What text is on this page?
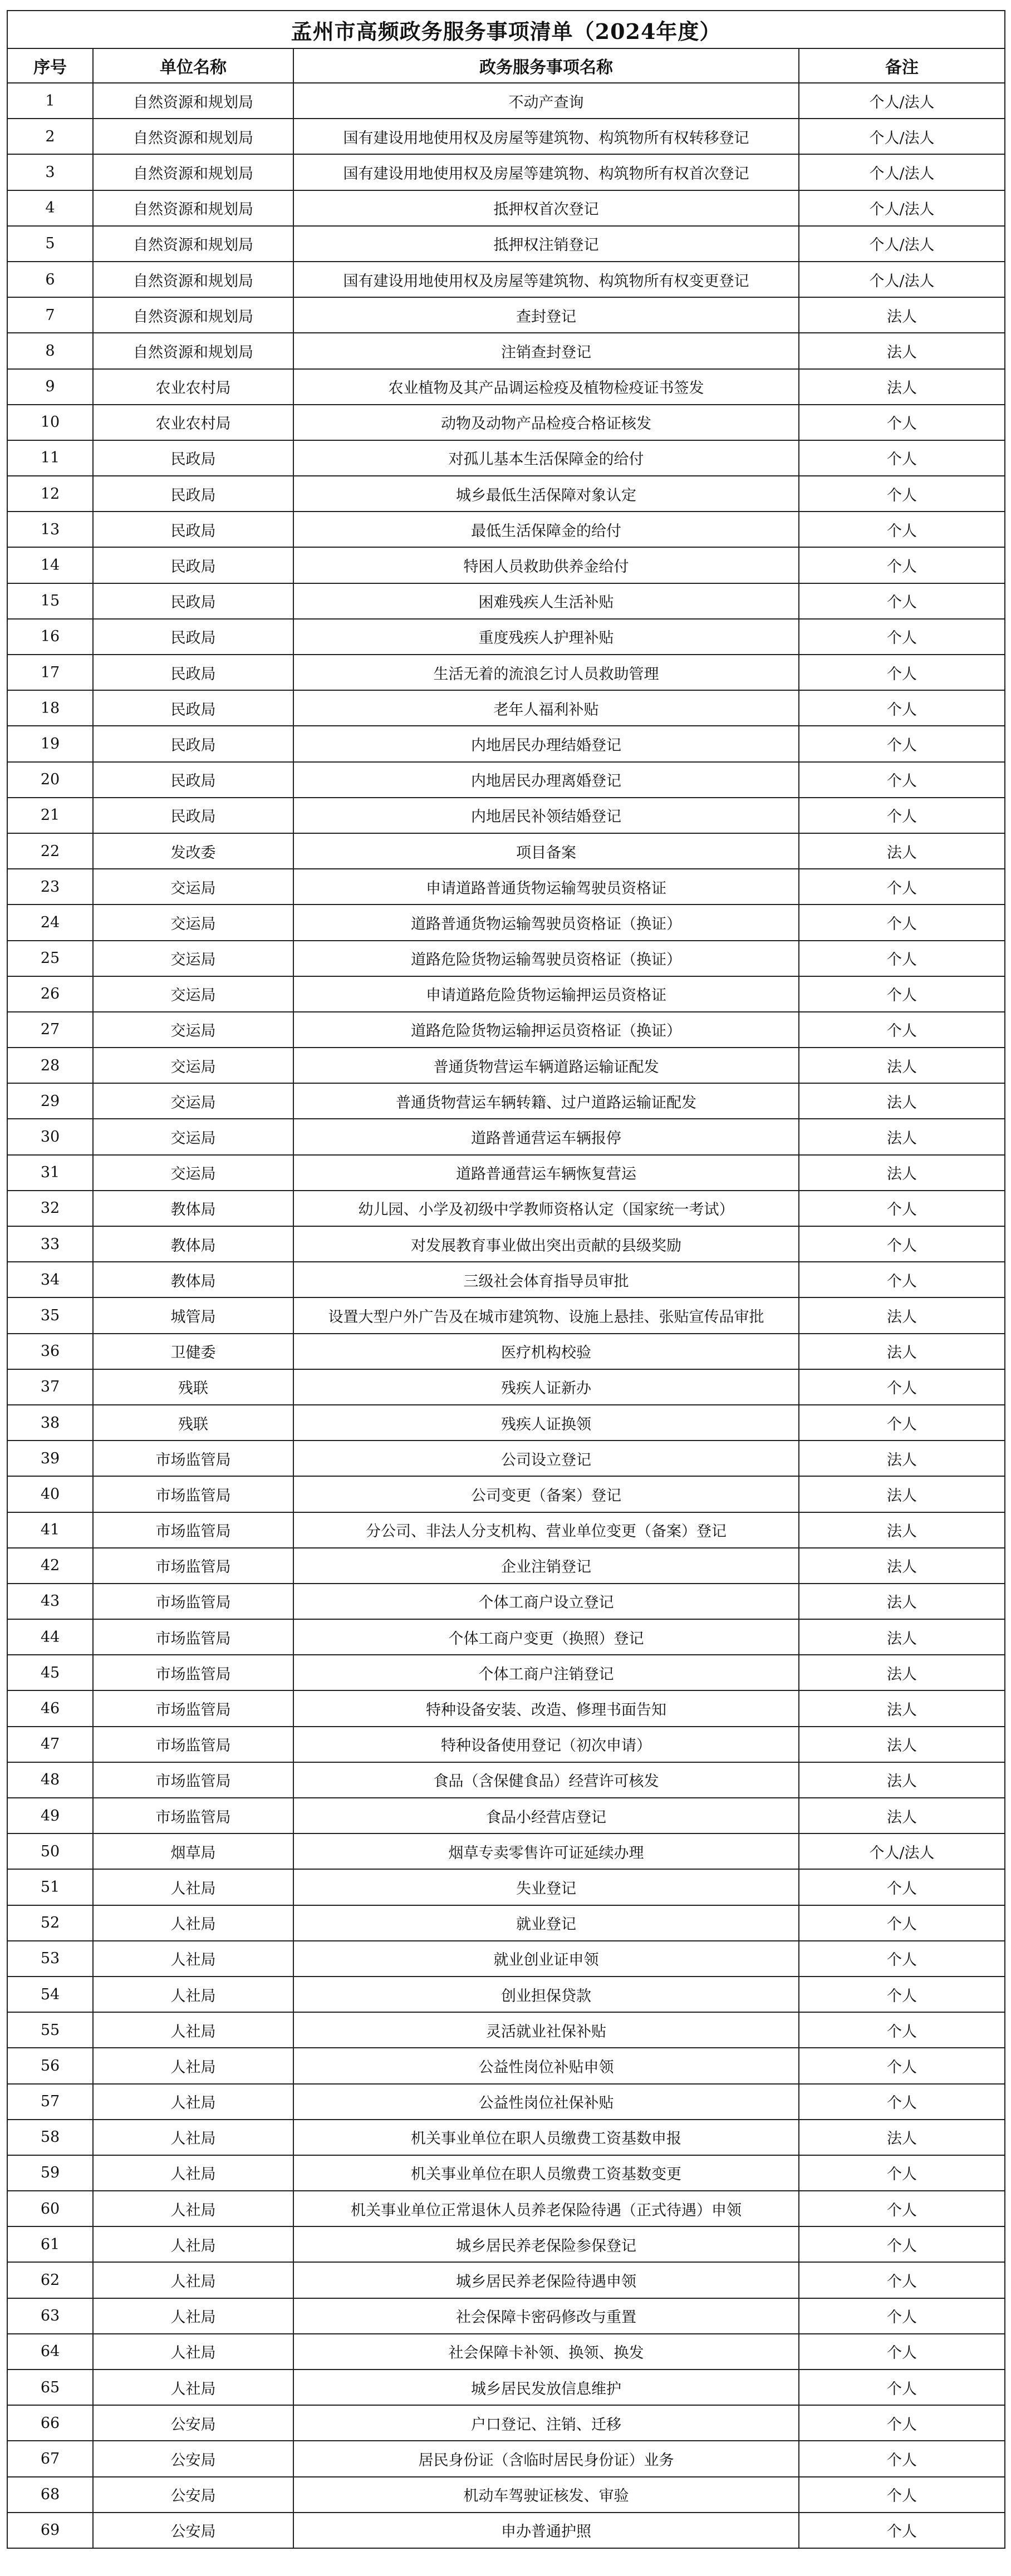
孟州市高频政务服务事项清单（2024年度）			
序号	单位名称	政务服务事项名称	备注
1	自然资源和规划局	不动产查询	个人/法人
2	自然资源和规划局	国有建设用地使用权及房屋等建筑物、构筑物所有权转移登记	个人/法人
3	自然资源和规划局	国有建设用地使用权及房屋等建筑物、构筑物所有权首次登记	个人/法人
4	自然资源和规划局	抵押权首次登记	个人/法人
5	自然资源和规划局	抵押权注销登记	个人/法人
6	自然资源和规划局	国有建设用地使用权及房屋等建筑物、构筑物所有权变更登记	个人/法人
7	自然资源和规划局	查封登记	法人
8	自然资源和规划局	注销查封登记	法人
9	农业农村局	农业植物及其产品调运检疫及植物检疫证书签发	法人
10	农业农村局	动物及动物产品检疫合格证核发	个人
11	民政局	对孤儿基本生活保障金的给付	个人
12	民政局	城乡最低生活保障对象认定	个人
13	民政局	最低生活保障金的给付	个人
14	民政局	特困人员救助供养金给付	个人
15	民政局	困难残疾人生活补贴	个人
16	民政局	重度残疾人护理补贴	个人
17	民政局	生活无着的流浪乞讨人员救助管理	个人
18	民政局	老年人福利补贴	个人
19	民政局	内地居民办理结婚登记	个人
20	民政局	内地居民办理离婚登记	个人
21	民政局	内地居民补领结婚登记	个人
22	发改委	项目备案	法人
23	交运局	申请道路普通货物运输驾驶员资格证	个人
24	交运局	道路普通货物运输驾驶员资格证（换证）	个人
25	交运局	道路危险货物运输驾驶员资格证（换证）	个人
26	交运局	申请道路危险货物运输押运员资格证	个人
27	交运局	道路危险货物运输押运员资格证（换证）	个人
28	交运局	普通货物营运车辆道路运输证配发	法人
29	交运局	普通货物营运车辆转籍、过户道路运输证配发	法人
30	交运局	道路普通营运车辆报停	法人
31	交运局	道路普通营运车辆恢复营运	法人
32	教体局	幼儿园、小学及初级中学教师资格认定（国家统一考试）	个人
33	教体局	对发展教育事业做出突出贡献的县级奖励	个人
34	教体局	三级社会体育指导员审批	个人
35	城管局	设置大型户外广告及在城市建筑物、设施上悬挂、张贴宣传品审批	法人
36	卫健委	医疗机构校验	法人
37	残联	残疾人证新办	个人
38	残联	残疾人证换领	个人
39	市场监管局	公司设立登记	法人
40	市场监管局	公司变更（备案）登记	法人
41	市场监管局	分公司、非法人分支机构、营业单位变更（备案）登记	法人
42	市场监管局	企业注销登记	法人
43	市场监管局	个体工商户设立登记	法人
44	市场监管局	个体工商户变更（换照）登记	法人
45	市场监管局	个体工商户注销登记	法人
46	市场监管局	特种设备安装、改造、修理书面告知	法人
47	市场监管局	特种设备使用登记（初次申请）	法人
48	市场监管局	食品（含保健食品）经营许可核发	法人
49	市场监管局	食品小经营店登记	法人
50	烟草局	烟草专卖零售许可证延续办理	个人/法人
51	人社局	失业登记	个人
52	人社局	就业登记	个人
53	人社局	就业创业证申领	个人
54	人社局	创业担保贷款	个人
55	人社局	灵活就业社保补贴	个人
56	人社局	公益性岗位补贴申领	个人
57	人社局	公益性岗位社保补贴	个人
58	人社局	机关事业单位在职人员缴费工资基数申报	法人
59	人社局	机关事业单位在职人员缴费工资基数变更	个人
60	人社局	机关事业单位正常退休人员养老保险待遇（正式待遇）申领	个人
61	人社局	城乡居民养老保险参保登记	个人
62	人社局	城乡居民养老保险待遇申领	个人
63	人社局	社会保障卡密码修改与重置	个人
64	人社局	社会保障卡补领、换领、换发	个人
65	人社局	城乡居民发放信息维护	个人
66	公安局	户口登记、注销、迁移	个人
67	公安局	居民身份证（含临时居民身份证）业务	个人
68	公安局	机动车驾驶证核发、审验	个人
69	公安局	申办普通护照	个人
